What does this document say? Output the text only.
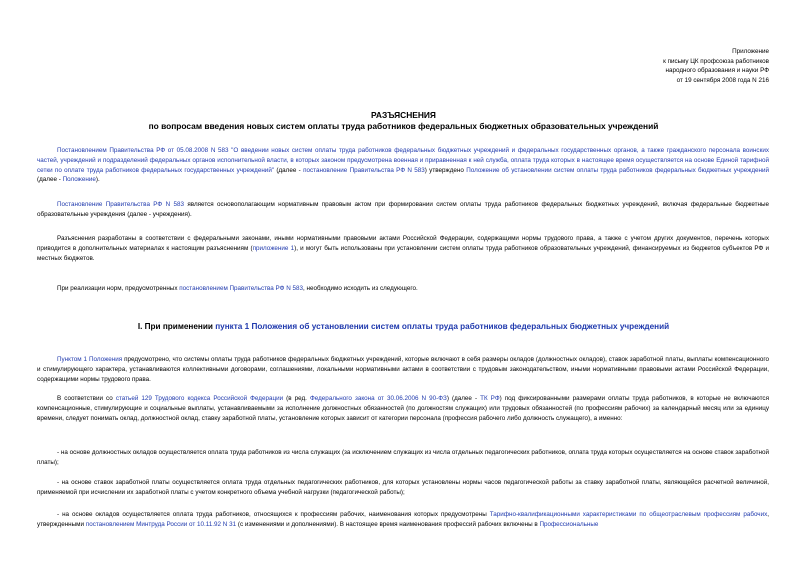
Приложение
к письму ЦК профсоюза работников
народного образования и науки РФ
от 19 сентября 2008 года N 216
РАЗЪЯСНЕНИЯ
по вопросам введения новых систем оплаты труда работников федеральных бюджетных образовательных учреждений
Постановлением Правительства РФ от 05.08.2008 N 583 "О введении новых систем оплаты труда работников федеральных бюджетных учреждений и федеральных государственных органов, а также гражданского персонала воинских частей, учреждений и подразделений федеральных органов исполнительной власти, в которых законом предусмотрена военная и приравненная к ней служба, оплата труда которых в настоящее время осуществляется на основе Единой тарифной сетки по оплате труда работников федеральных государственных учреждений" (далее - постановление Правительства РФ N 583) утверждено Положение об установлении систем оплаты труда работников федеральных бюджетных учреждений (далее - Положение).
Постановление Правительства РФ N 583 является основополагающим нормативным правовым актом при формировании систем оплаты труда работников федеральных бюджетных учреждений, включая федеральные бюджетные образовательные учреждения (далее - учреждения).
Разъяснения разработаны в соответствии с федеральными законами, иными нормативными правовыми актами Российской Федерации, содержащими нормы трудового права, а также с учетом других документов, перечень которых приводится в дополнительных материалах к настоящим разъяснениям (приложение 1), и могут быть использованы при установлении систем оплаты труда работников образовательных учреждений, финансируемых из бюджетов субъектов РФ и местных бюджетов.
При реализации норм, предусмотренных постановлением Правительства РФ N 583, необходимо исходить из следующего.
I. При применении пункта 1 Положения об установлении систем оплаты труда работников федеральных бюджетных учреждений
Пунктом 1 Положения предусмотрено, что системы оплаты труда работников федеральных бюджетных учреждений, которые включают в себя размеры окладов (должностных окладов), ставок заработной платы, выплаты компенсационного и стимулирующего характера, устанавливаются коллективными договорами, соглашениями, локальными нормативными актами в соответствии с трудовым законодательством, иными нормативными правовыми актами Российской Федерации, содержащими нормы трудового права.
В соответствии со статьей 129 Трудового кодекса Российской Федерации (в ред. Федерального закона от 30.06.2006 N 90-ФЗ) (далее - ТК РФ) под фиксированными размерами оплаты труда работников, в которые не включаются компенсационные, стимулирующие и социальные выплаты, устанавливаемыми за исполнение должностных обязанностей (по должностям служащих) или трудовых обязанностей (по профессиям рабочих) за календарный месяц или за единицу времени, следует понимать оклад, должностной оклад, ставку заработной платы, установление которых зависит от категории персонала (профессия рабочего либо должность служащего), а именно:
- на основе должностных окладов осуществляется оплата труда работников из числа служащих (за исключением служащих из числа отдельных педагогических работников, оплата труда которых осуществляется на основе ставок заработной платы);
- на основе ставок заработной платы осуществляется оплата труда отдельных педагогических работников, для которых установлены нормы часов педагогической работы за ставку заработной платы, являющейся расчетной величиной, применяемой при исчислении их заработной платы с учетом конкретного объема учебной нагрузки (педагогической работы);
- на основе окладов осуществляется оплата труда работников, относящихся к профессиям рабочих, наименования которых предусмотрены Тарифно-квалификационными характеристиками по общеотраслевым профессиям рабочих, утвержденными постановлением Минтруда России от 10.11.92 N 31 (с изменениями и дополнениями). В настоящее время наименования профессий рабочих включены в Профессиональные
